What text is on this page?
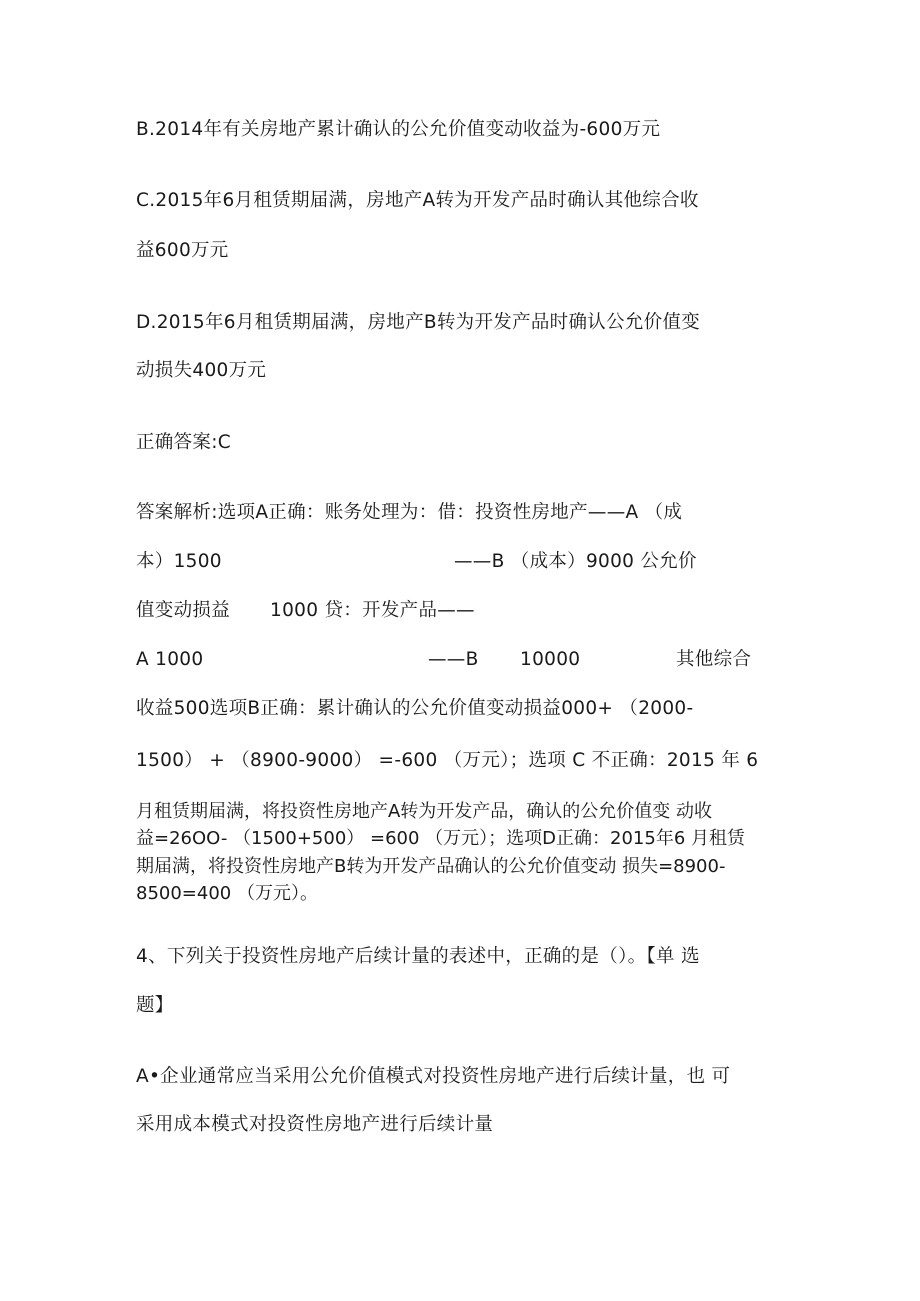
B.2014年有关房地产累计确认的公允价值变动收益为-600万元
C.2015年6月租赁期届满，房地产A转为开发产品时确认其他综合收
益600万元
D.2015年6月租赁期届满，房地产B转为开发产品时确认公允价值变
动损失400万元
正确答案:C
答案解析:选项A正确：账务处理为：借：投资性房地产——A （成
本）1500	——B （成本）9000 公允价
值变动损益 1000 贷：开发产品——
A 1000	——B 10000	其他综合
收益500选项B正确：累计确认的公允价值变动损益000+ （2000-
1500） + （8900-9000） =-600 （万元）；选项 C 不正确：2015 年 6
月租赁期届满，将投资性房地产A转为开发产品，确认的公允价值变 动收
益=26OO- （1500+500） =600 （万元）；选项D正确：2015年6 月租赁
期届满，将投资性房地产B转为开发产品确认的公允价值变动 损失=8900-
8500=400 （万元）。
4、下列关于投资性房地产后续计量的表述中，正确的是（）。【单 选
题】
A•企业通常应当采用公允价值模式对投资性房地产进行后续计量，也 可
采用成本模式对投资性房地产进行后续计量
